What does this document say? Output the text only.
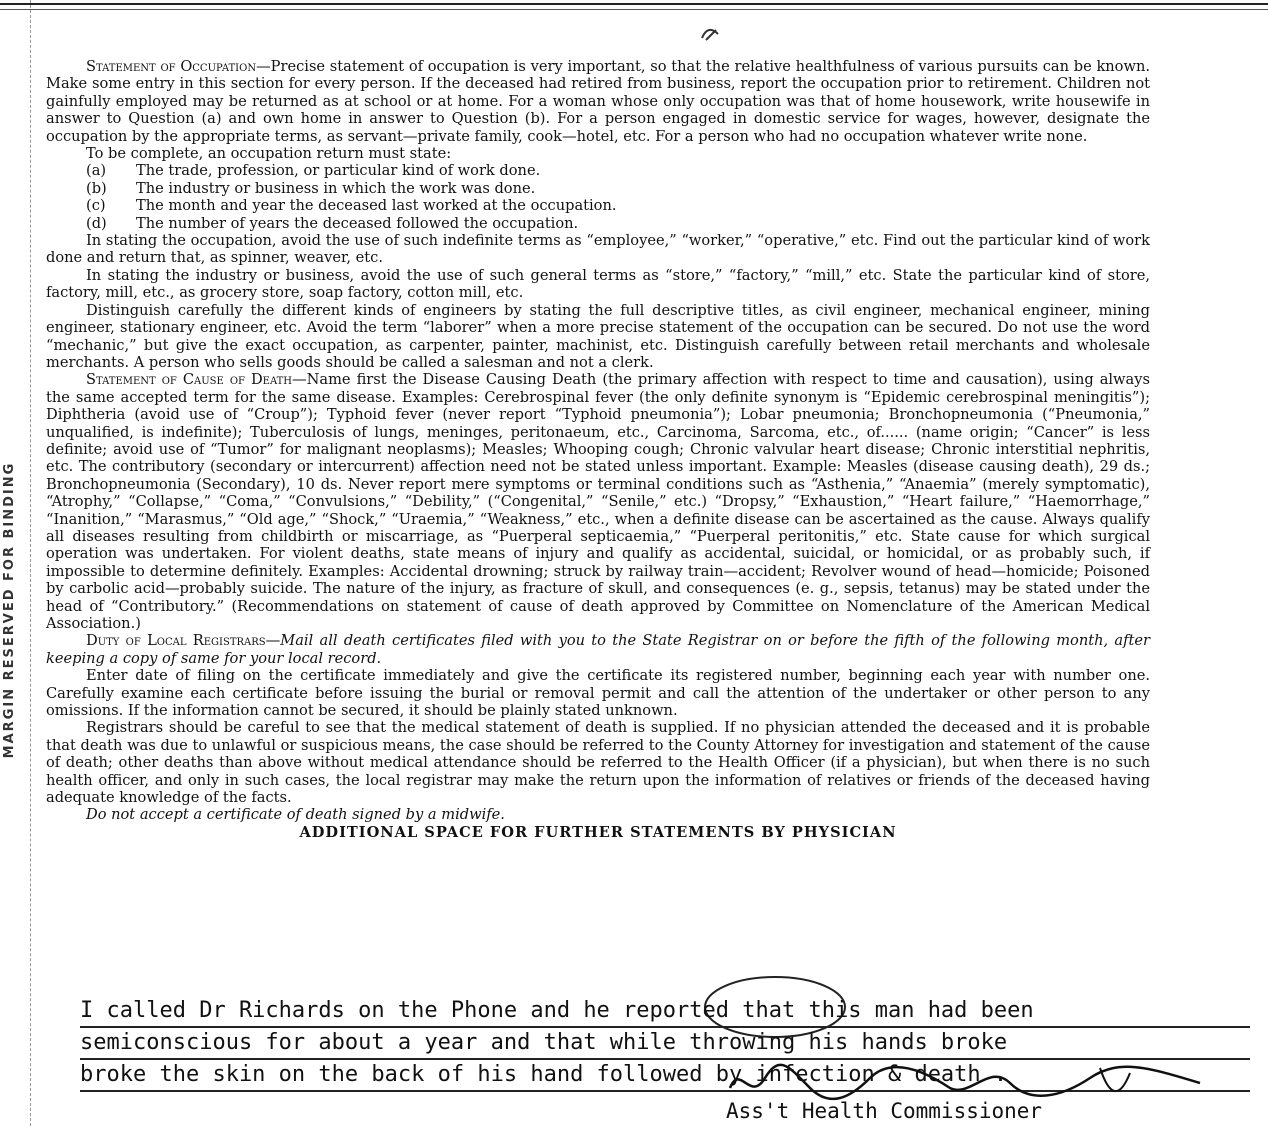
MARGIN RESERVED FOR BINDING

Statement of Occupation—Precise statement of occupation is very important, so that the relative healthfulness of various pursuits can be known. Make some entry in this section for every person. If the deceased had retired from business, report the occupation prior to retirement. Children not gainfully employed may be returned as at school or at home. For a woman whose only occupation was that of home housework, write housewife in answer to Question (a) and own home in answer to Question (b). For a person engaged in domestic service for wages, however, designate the occupation by the appropriate terms, as servant—private family, cook—hotel, etc. For a person who had no occupation whatever write none.

To be complete, an occupation return must state:

(a)	The trade, profession, or particular kind of work done.
(b)	The industry or business in which the work was done.
(c)	The month and year the deceased last worked at the occupation.
(d)	The number of years the deceased followed the occupation.

In stating the occupation, avoid the use of such indefinite terms as “employee,” “worker,” “operative,” etc. Find out the particular kind of work done and return that, as spinner, weaver, etc.

In stating the industry or business, avoid the use of such general terms as “store,” “factory,” “mill,” etc. State the particular kind of store, factory, mill, etc., as grocery store, soap factory, cotton mill, etc.

Distinguish carefully the different kinds of engineers by stating the full descriptive titles, as civil engineer, mechanical engineer, mining engineer, stationary engineer, etc. Avoid the term “laborer” when a more precise statement of the occupation can be secured. Do not use the word “mechanic,” but give the exact occupation, as carpenter, painter, machinist, etc. Distinguish carefully between retail merchants and wholesale merchants. A person who sells goods should be called a salesman and not a clerk.

Statement of Cause of Death—Name first the Disease Causing Death (the primary affection with respect to time and causation), using always the same accepted term for the same disease. Examples: Cerebrospinal fever (the only definite synonym is “Epidemic cerebrospinal meningitis”); Diphtheria (avoid use of “Croup”); Typhoid fever (never report “Typhoid pneumonia”); Lobar pneumonia; Bronchopneumonia (“Pneumonia,” unqualified, is indefinite); Tuberculosis of lungs, meninges, peritonaeum, etc., Carcinoma, Sarcoma, etc., of...... (name origin; “Cancer” is less definite; avoid use of “Tumor” for malignant neoplasms); Measles; Whooping cough; Chronic valvular heart disease; Chronic interstitial nephritis, etc. The contributory (secondary or intercurrent) affection need not be stated unless important. Example: Measles (disease causing death), 29 ds.; Bronchopneumonia (Secondary), 10 ds. Never report mere symptoms or terminal conditions such as “Asthenia,” “Anaemia” (merely symptomatic), “Atrophy,” “Collapse,” “Coma,” “Convulsions,” “Debility,” (“Congenital,” “Senile,” etc.) “Dropsy,” “Exhaustion,” “Heart failure,” “Haemorrhage,” “Inanition,” “Marasmus,” “Old age,” “Shock,” “Uraemia,” “Weakness,” etc., when a definite disease can be ascertained as the cause. Always qualify all diseases resulting from childbirth or miscarriage, as “Puerperal septicaemia,” “Puerperal peritonitis,” etc. State cause for which surgical operation was undertaken. For violent deaths, state means of injury and qualify as accidental, suicidal, or homicidal, or as probably such, if impossible to determine definitely. Examples: Accidental drowning; struck by railway train—accident; Revolver wound of head—homicide; Poisoned by carbolic acid—probably suicide. The nature of the injury, as fracture of skull, and consequences (e. g., sepsis, tetanus) may be stated under the head of “Contributory.” (Recommendations on statement of cause of death approved by Committee on Nomenclature of the American Medical Association.)

Duty of Local Registrars—Mail all death certificates filed with you to the State Registrar on or before the fifth of the following month, after keeping a copy of same for your local record.

Enter date of filing on the certificate immediately and give the certificate its registered number, beginning each year with number one. Carefully examine each certificate before issuing the burial or removal permit and call the attention of the undertaker or other person to any omissions. If the information cannot be secured, it should be plainly stated unknown.

Registrars should be careful to see that the medical statement of death is supplied. If no physician attended the deceased and it is probable that death was due to unlawful or suspicious means, the case should be referred to the County Attorney for investigation and statement of the cause of death; other deaths than above without medical attendance should be referred to the Health Officer (if a physician), but when there is no such health officer, and only in such cases, the local registrar may make the return upon the information of relatives or friends of the deceased having adequate knowledge of the facts.

Do not accept a certificate of death signed by a midwife.

ADDITIONAL SPACE FOR FURTHER STATEMENTS BY PHYSICIAN

I called Dr Richards on the Phone and he reported that this man had been
semiconscious for about a year and that while throwing his hands broke
broke the skin on the back of his hand followed by infection & death .
Ass't Health Commissioner
